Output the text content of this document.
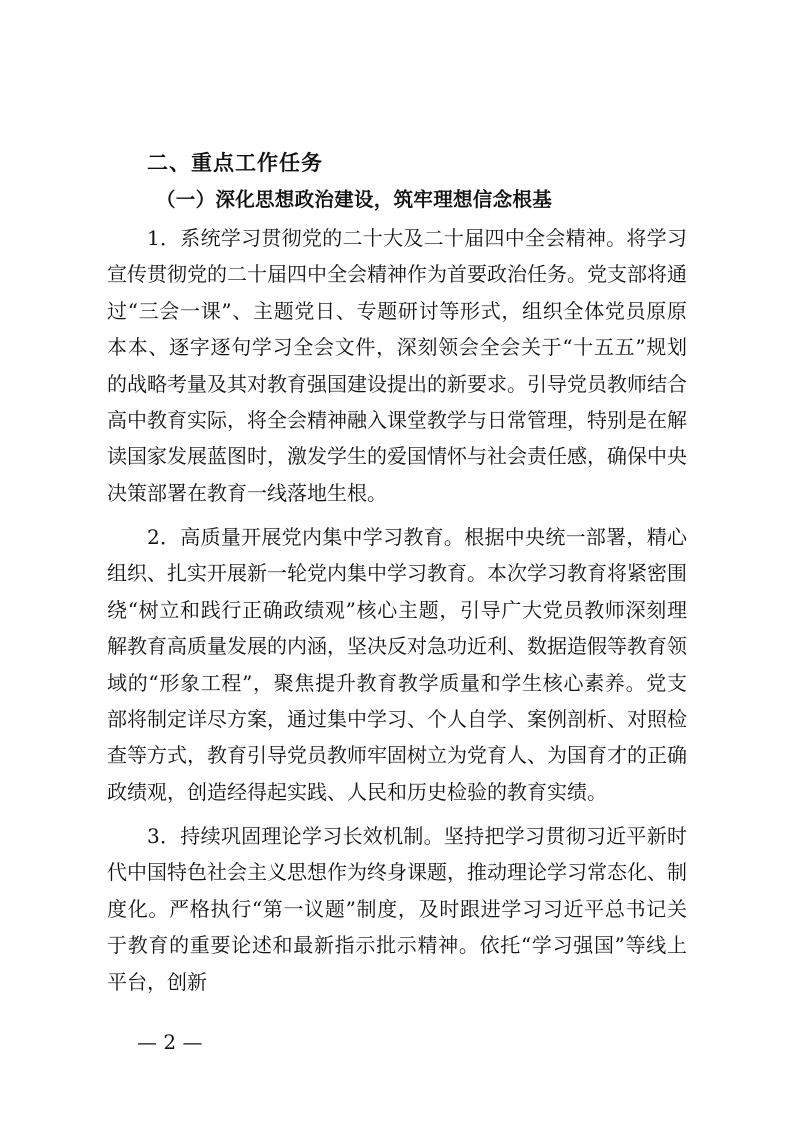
二、重点工作任务
（一）深化思想政治建设，筑牢理想信念根基

1．系统学习贯彻党的二十大及二十届四中全会精神。将学习宣传贯彻党的二十届四中全会精神作为首要政治任务。党支部将通过“三会一课”、主题党日、专题研讨等形式，组织全体党员原原本本、逐字逐句学习全会文件，深刻领会全会关于“十五五”规划的战略考量及其对教育强国建设提出的新要求。引导党员教师结合高中教育实际，将全会精神融入课堂教学与日常管理，特别是在解读国家发展蓝图时，激发学生的爱国情怀与社会责任感，确保中央决策部署在教育一线落地生根。

2．高质量开展党内集中学习教育。根据中央统一部署，精心组织、扎实开展新一轮党内集中学习教育。本次学习教育将紧密围绕“树立和践行正确政绩观”核心主题，引导广大党员教师深刻理解教育高质量发展的内涵，坚决反对急功近利、数据造假等教育领域的“形象工程”，聚焦提升教育教学质量和学生核心素养。党支部将制定详尽方案，通过集中学习、个人自学、案例剖析、对照检查等方式，教育引导党员教师牢固树立为党育人、为国育才的正确政绩观，创造经得起实践、人民和历史检验的教育实绩。

3．持续巩固理论学习长效机制。坚持把学习贯彻习近平新时代中国特色社会主义思想作为终身课题，推动理论学习常态化、制度化。严格执行“第一议题”制度，及时跟进学习习近平总书记关于教育的重要论述和最新指示批示精神。依托“学习强国”等线上平台，创新

— 2 —
